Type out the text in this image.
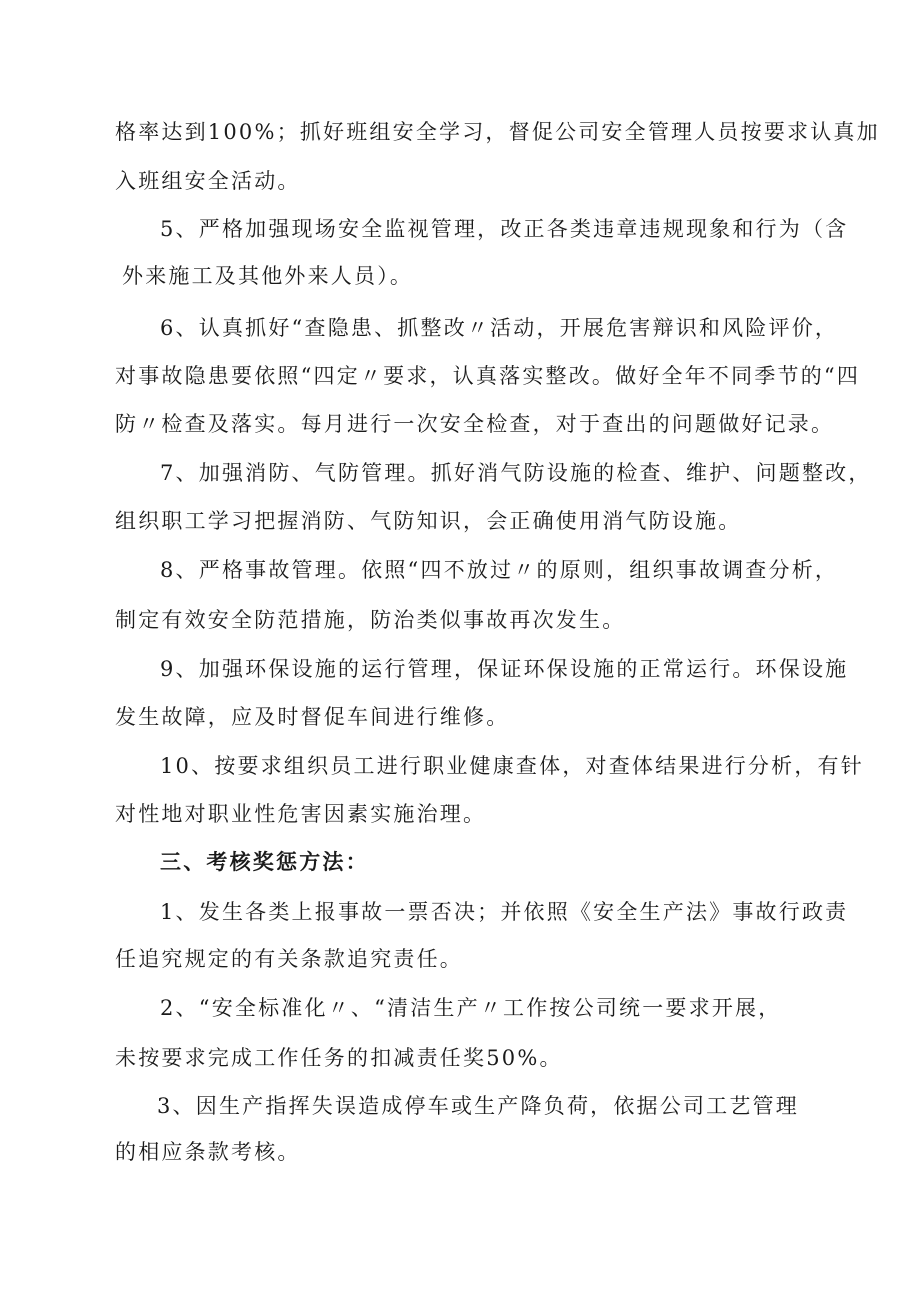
格率达到100%；抓好班组安全学习，督促公司安全管理人员按要求认真加
入班组安全活动。
5、严格加强现场安全监视管理，改正各类违章违规现象和行为（含
外来施工及其他外来人员）。
6、认真抓好“查隐患、抓整改〃活动，开展危害辩识和风险评价，
对事故隐患要依照“四定〃要求，认真落实整改。做好全年不同季节的“四
防〃检查及落实。每月进行一次安全检查，对于查出的问题做好记录。
7、加强消防、气防管理。抓好消气防设施的检查、维护、问题整改，
组织职工学习把握消防、气防知识，会正确使用消气防设施。
8、严格事故管理。依照“四不放过〃的原则，组织事故调查分析，
制定有效安全防范措施，防治类似事故再次发生。
9、加强环保设施的运行管理，保证环保设施的正常运行。环保设施
发生故障，应及时督促车间进行维修。
10、按要求组织员工进行职业健康查体，对查体结果进行分析，有针
对性地对职业性危害因素实施治理。
三、考核奖惩方法：
1、发生各类上报事故一票否决；并依照《安全生产法》事故行政责
任追究规定的有关条款追究责任。
2、“安全标准化〃、“清洁生产〃工作按公司统一要求开展，
未按要求完成工作任务的扣减责任奖50%。
3、因生产指挥失误造成停车或生产降负荷，依据公司工艺管理
的相应条款考核。
